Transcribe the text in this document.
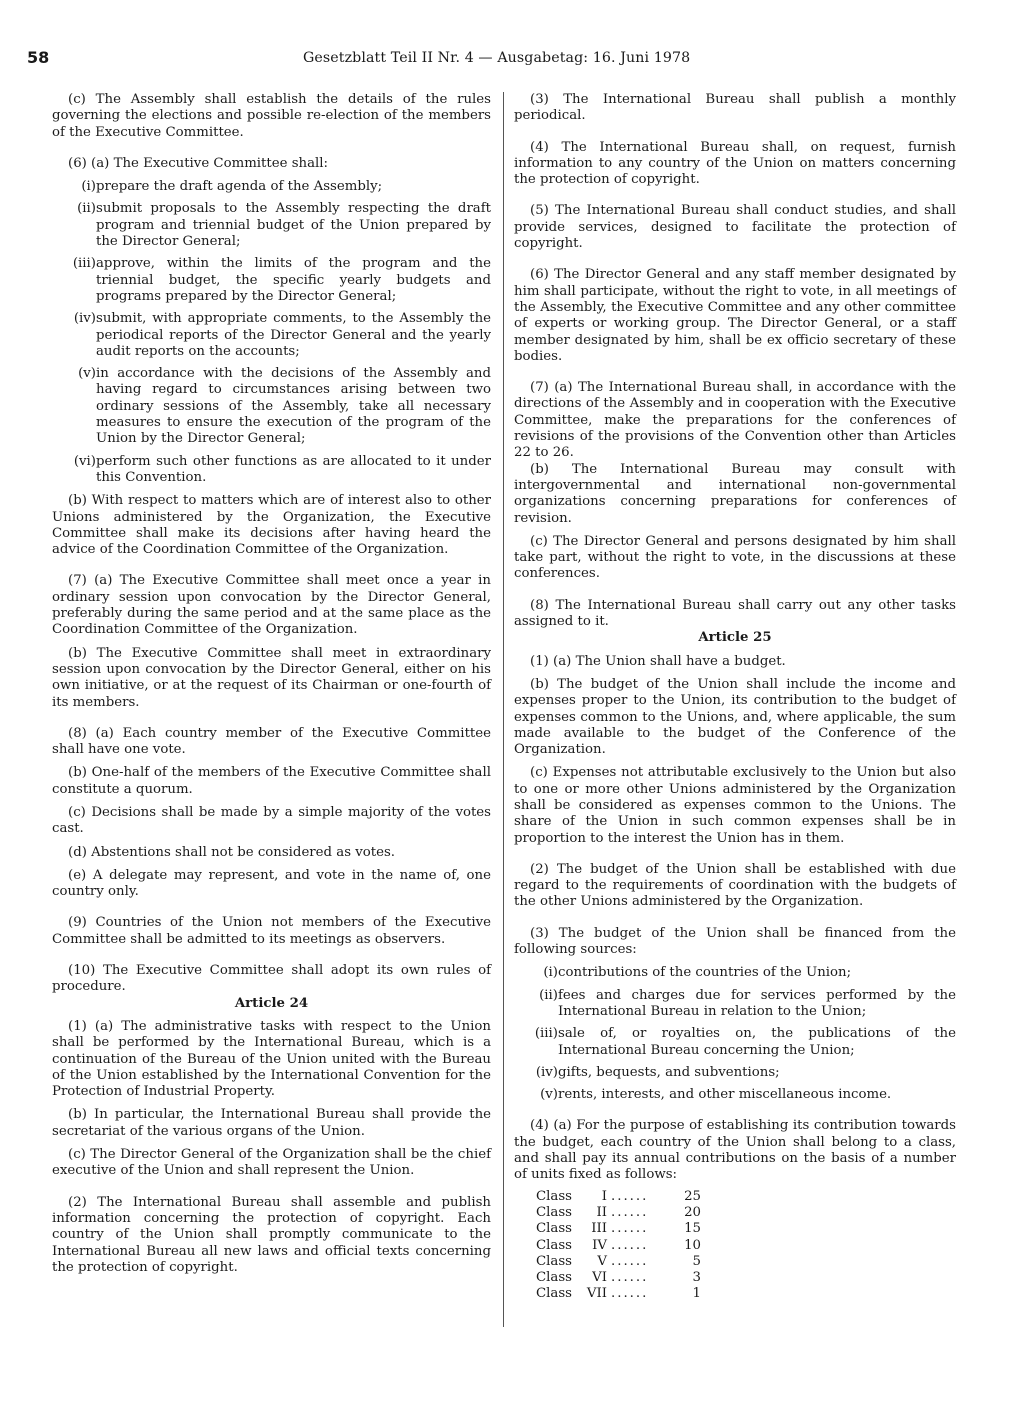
58	Gesetzblatt Teil II Nr. 4 — Ausgabetag: 16. Juni 1978

(c) The Assembly shall establish the details of the rules governing the elections and possible re-election of the members of the Executive Committee.

(6) (a) The Executive Committee shall:

(i) prepare the draft agenda of the Assembly;
(ii) submit proposals to the Assembly respecting the draft program and triennial budget of the Union prepared by the Director General;
(iii) approve, within the limits of the program and the triennial budget, the specific yearly budgets and programs prepared by the Director General;
(iv) submit, with appropriate comments, to the Assembly the periodical reports of the Director General and the yearly audit reports on the accounts;
(v) in accordance with the decisions of the Assembly and having regard to circumstances arising between two ordinary sessions of the Assembly, take all necessary measures to ensure the execution of the program of the Union by the Director General;
(vi) perform such other functions as are allocated to it under this Convention.

(b) With respect to matters which are of interest also to other Unions administered by the Organization, the Executive Committee shall make its decisions after having heard the advice of the Coordination Committee of the Organization.

(7) (a) The Executive Committee shall meet once a year in ordinary session upon convocation by the Director General, preferably during the same period and at the same place as the Coordination Committee of the Organization.

(b) The Executive Committee shall meet in extraordinary session upon convocation by the Director General, either on his own initiative, or at the request of its Chairman or one-fourth of its members.

(8) (a) Each country member of the Executive Committee shall have one vote.

(b) One-half of the members of the Executive Committee shall constitute a quorum.

(c) Decisions shall be made by a simple majority of the votes cast.

(d) Abstentions shall not be considered as votes.

(e) A delegate may represent, and vote in the name of, one country only.

(9) Countries of the Union not members of the Executive Committee shall be admitted to its meetings as observers.

(10) The Executive Committee shall adopt its own rules of procedure.

Article 24

(1) (a) The administrative tasks with respect to the Union shall be performed by the International Bureau, which is a continuation of the Bureau of the Union united with the Bureau of the Union established by the International Convention for the Protection of Industrial Property.

(b) In particular, the International Bureau shall provide the secretariat of the various organs of the Union.

(c) The Director General of the Organization shall be the chief executive of the Union and shall represent the Union.

(2) The International Bureau shall assemble and publish information concerning the protection of copyright. Each country of the Union shall promptly communicate to the International Bureau all new laws and official texts concerning the protection of copyright.

(3) The International Bureau shall publish a monthly periodical.

(4) The International Bureau shall, on request, furnish information to any country of the Union on matters concerning the protection of copyright.

(5) The International Bureau shall conduct studies, and shall provide services, designed to facilitate the protection of copyright.

(6) The Director General and any staff member designated by him shall participate, without the right to vote, in all meetings of the Assembly, the Executive Committee and any other committee of experts or working group. The Director General, or a staff member designated by him, shall be ex officio secretary of these bodies.

(7) (a) The International Bureau shall, in accordance with the directions of the Assembly and in cooperation with the Executive Committee, make the preparations for the conferences of revisions of the provisions of the Convention other than Articles 22 to 26.

(b) The International Bureau may consult with intergovernmental and international non-governmental organizations concerning preparations for conferences of revision.

(c) The Director General and persons designated by him shall take part, without the right to vote, in the discussions at these conferences.

(8) The International Bureau shall carry out any other tasks assigned to it.

Article 25

(1) (a) The Union shall have a budget.

(b) The budget of the Union shall include the income and expenses proper to the Union, its contribution to the budget of expenses common to the Unions, and, where applicable, the sum made available to the budget of the Conference of the Organization.

(c) Expenses not attributable exclusively to the Union but also to one or more other Unions administered by the Organization shall be considered as expenses common to the Unions. The share of the Union in such common expenses shall be in proportion to the interest the Union has in them.

(2) The budget of the Union shall be established with due regard to the requirements of coordination with the budgets of the other Unions administered by the Organization.

(3) The budget of the Union shall be financed from the following sources:

(i) contributions of the countries of the Union;
(ii) fees and charges due for services performed by the International Bureau in relation to the Union;
(iii) sale of, or royalties on, the publications of the International Bureau concerning the Union;
(iv) gifts, bequests, and subventions;
(v) rents, interests, and other miscellaneous income.

(4) (a) For the purpose of establishing its contribution towards the budget, each country of the Union shall belong to a class, and shall pay its annual contributions on the basis of a number of units fixed as follows:

Class	I	......	25
Class	II	......	20
Class	III	......	15
Class	IV	......	10
Class	V	......	5
Class	VI	......	3
Class	VII	......	1
